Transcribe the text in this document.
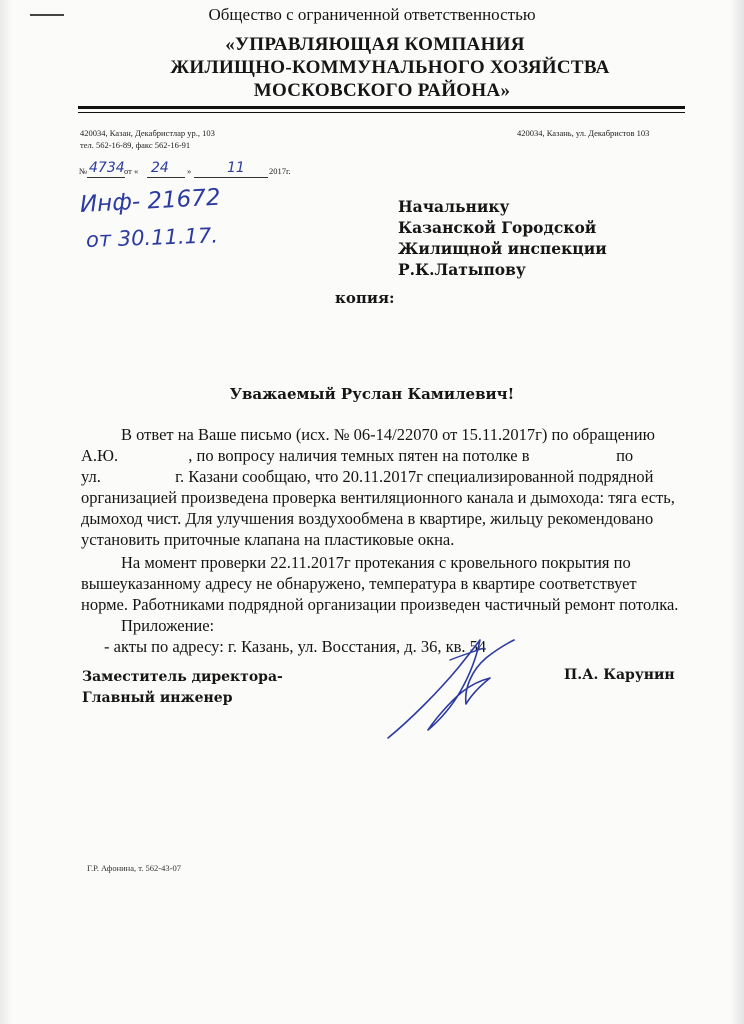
Общество с ограниченной ответственностью
«УПРАВЛЯЮЩАЯ КОМПАНИЯ
ЖИЛИЩНО-КОММУНАЛЬНОГО ХОЗЯЙСТВА
МОСКОВСКОГО РАЙОНА»
420034, Казан, Декабристлар ур., 103
тел. 562-16-89, факс 562-16-91
420034, Казань, ул. Декабристов 103
№ 4734 от « 24 »	11	2017г.
Инф- 21672
от 30.11.17.
Начальнику
Казанской Городской
Жилищной инспекции
Р.К.Латыпову
копия:
Уважаемый Руслан Камилевич!
В ответ на Ваше письмо (исх. № 06-14/22070 от 15.11.2017г) по обращению
А.Ю.                 , по вопросу наличия темных пятен на потолке в                     по
ул.                  г. Казани сообщаю, что 20.11.2017г специализированной подрядной
организацией произведена проверка вентиляционного канала и дымохода: тяга есть,
дымоход чист. Для улучшения воздухообмена в квартире, жильцу рекомендовано
установить приточные клапана на пластиковые окна.
На момент проверки 22.11.2017г протекания с кровельного покрытия по
вышеуказанному адресу не обнаружено, температура в квартире соответствует
норме. Работниками подрядной организации произведен частичный ремонт потолка.
Приложение:
- акты по адресу: г. Казань, ул. Восстания, д. 36, кв. 54
Заместитель директора-
Главный инженер
П.А. Карунин
Г.Р. Афонина, т. 562-43-07
